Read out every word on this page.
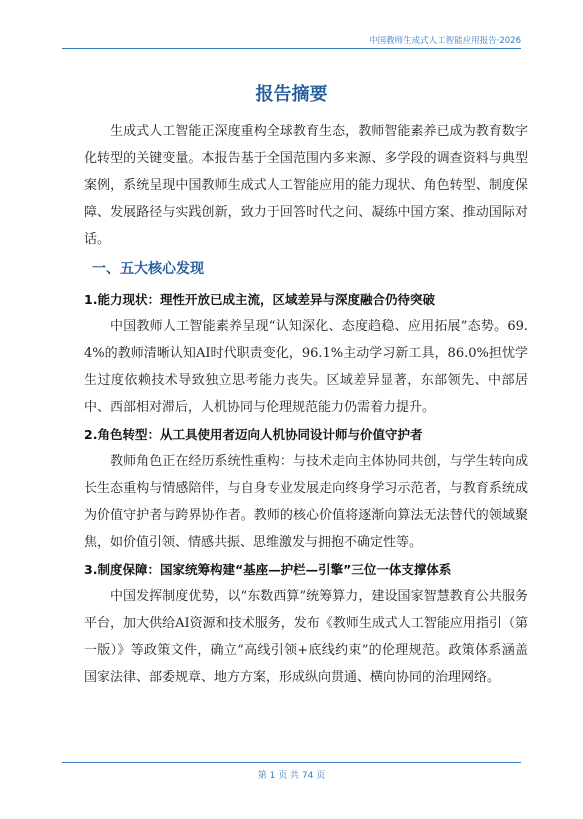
中国教师生成式人工智能应用报告·2026
报告摘要

生成式人工智能正深度重构全球教育生态，教师智能素养已成为教育数字化转型的关键变量。本报告基于全国范围内多来源、多学段的调查资料与典型案例，系统呈现中国教师生成式人工智能应用的能力现状、角色转型、制度保障、发展路径与实践创新，致力于回答时代之问、凝练中国方案、推动国际对话。

一、五大核心发现
1.能力现状：理性开放已成主流，区域差异与深度融合仍待突破

中国教师人工智能素养呈现“认知深化、态度趋稳、应用拓展”态势。69.4%的教师清晰认知AI时代职责变化，96.1%主动学习新工具，86.0%担忧学生过度依赖技术导致独立思考能力丧失。区域差异显著，东部领先、中部居中、西部相对滞后，人机协同与伦理规范能力仍需着力提升。

2.角色转型：从工具使用者迈向人机协同设计师与价值守护者

教师角色正在经历系统性重构：与技术走向主体协同共创，与学生转向成长生态重构与情感陪伴，与自身专业发展走向终身学习示范者，与教育系统成为价值守护者与跨界协作者。教师的核心价值将逐渐向算法无法替代的领域聚焦，如价值引领、情感共振、思维激发与拥抱不确定性等。

3.制度保障：国家统筹构建“基座—护栏—引擎”三位一体支撑体系

中国发挥制度优势，以“东数西算”统筹算力，建设国家智慧教育公共服务平台，加大供给AI资源和技术服务，发布《教师生成式人工智能应用指引（第一版）》等政策文件，确立“高线引领+底线约束”的伦理规范。政策体系涵盖国家法律、部委规章、地方方案，形成纵向贯通、横向协同的治理网络。

第 1 页 共 74 页
